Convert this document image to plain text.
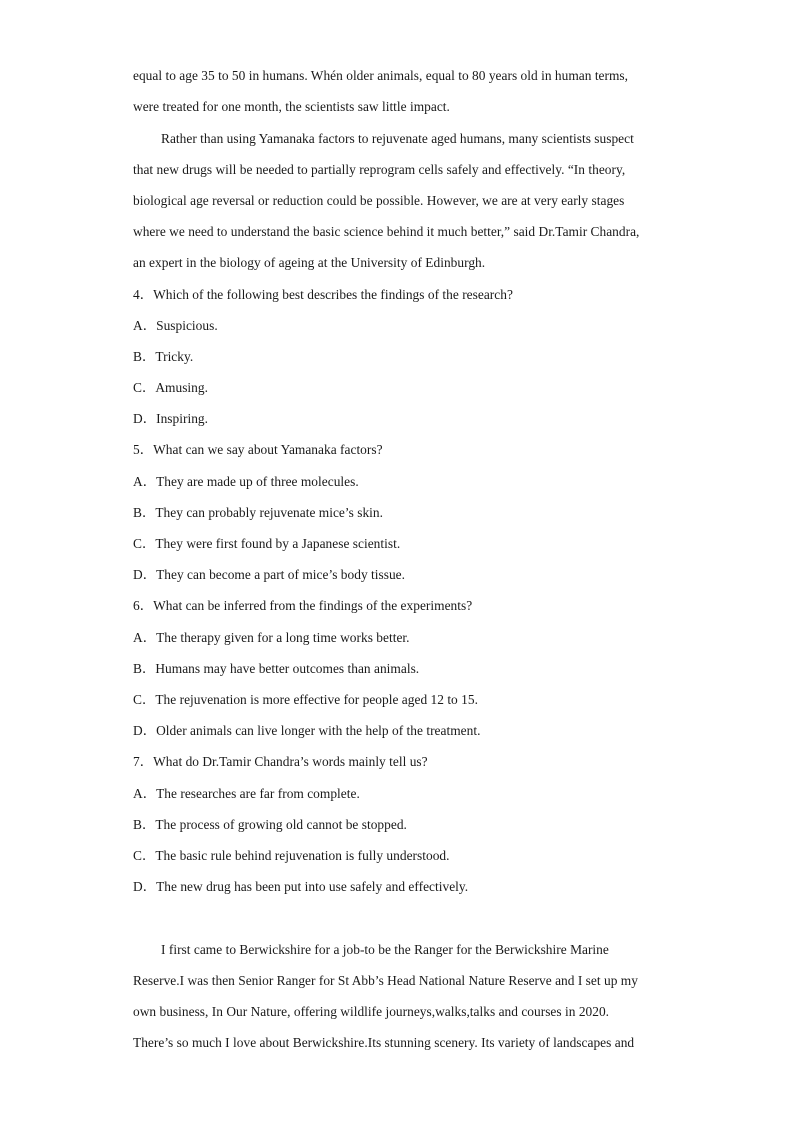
equal to age 35 to 50 in humans. Whén older animals, equal to 80 years old in human terms,
were treated for one month, the scientists saw little impact.
Rather than using Yamanaka factors to rejuvenate aged humans, many scientists suspect
that new drugs will be needed to partially reprogram cells safely and effectively. “In theory,
biological age reversal or reduction could be possible. However, we are at very early stages
where we need to understand the basic science behind it much better,” said Dr.Tamir Chandra,
an expert in the biology of ageing at the University of Edinburgh.
4．Which of the following best describes the findings of the research?
A．Suspicious.
B．Tricky.
C．Amusing.
D．Inspiring.
5．What can we say about Yamanaka factors?
A．They are made up of three molecules.
B．They can probably rejuvenate mice’s skin.
C．They were first found by a Japanese scientist.
D．They can become a part of mice’s body tissue.
6．What can be inferred from the findings of the experiments?
A．The therapy given for a long time works better.
B．Humans may have better outcomes than animals.
C．The rejuvenation is more effective for people aged 12 to 15.
D．Older animals can live longer with the help of the treatment.
7．What do Dr.Tamir Chandra’s words mainly tell us?
A．The researches are far from complete.
B．The process of growing old cannot be stopped.
C．The basic rule behind rejuvenation is fully understood.
D．The new drug has been put into use safely and effectively.
I first came to Berwickshire for a job-to be the Ranger for the Berwickshire Marine
Reserve.I was then Senior Ranger for St Abb’s Head National Nature Reserve and I set up my
own business, In Our Nature, offering wildlife journeys,walks,talks and courses in 2020.
There’s so much I love about Berwickshire.Its stunning scenery. Its variety of landscapes and
